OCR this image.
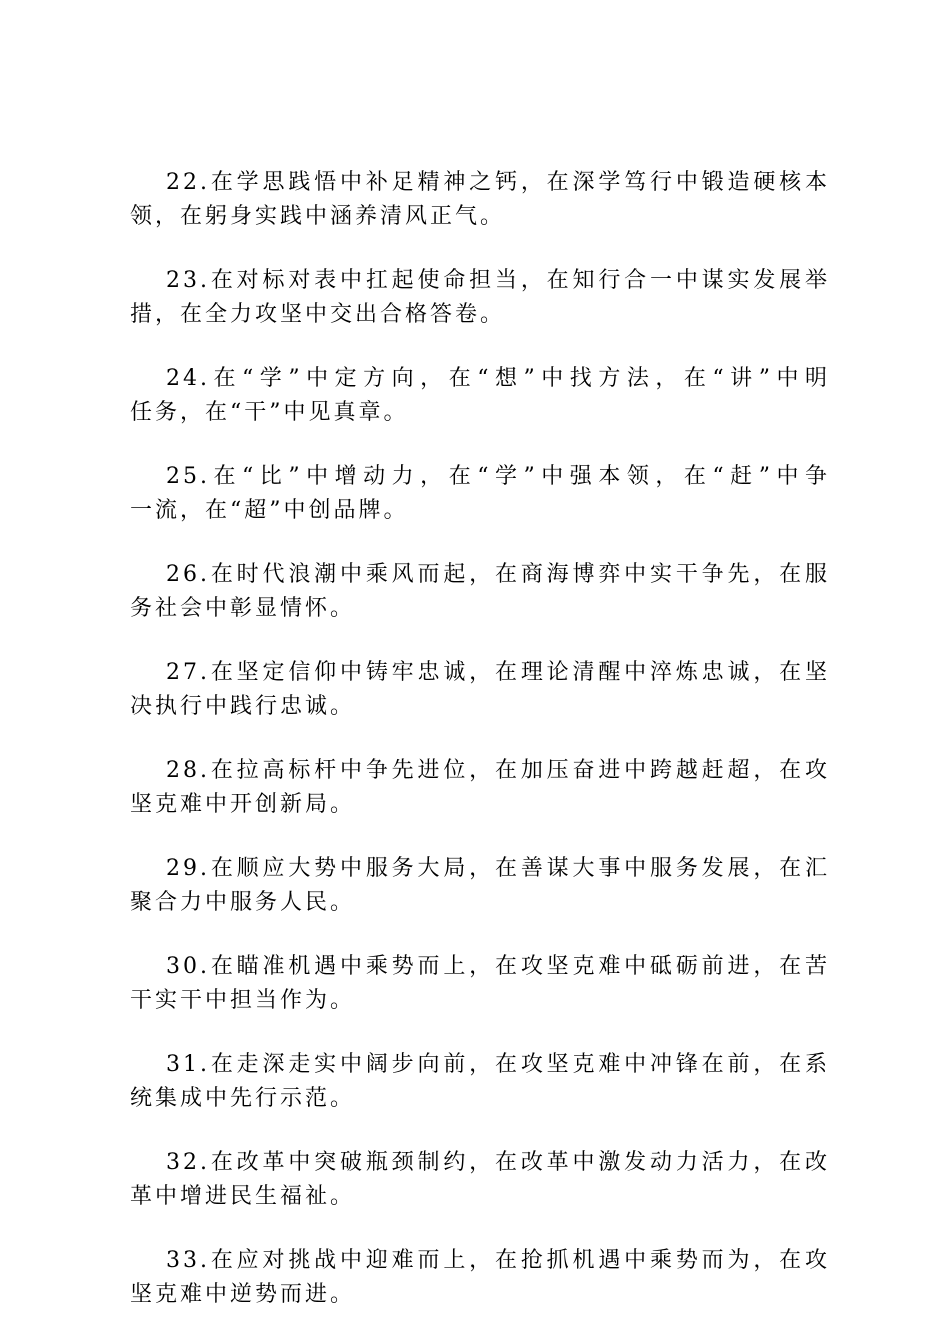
22.在学思践悟中补足精神之钙，在深学笃行中锻造硬核本
领，在躬身实践中涵养清风正气。
23.在对标对表中扛起使命担当，在知行合一中谋实发展举
措，在全力攻坚中交出合格答卷。
24.在“学”中定方向，在“想”中找方法，在“讲”中明
任务，在“干”中见真章。
25.在“比”中增动力，在“学”中强本领，在“赶”中争
一流，在“超”中创品牌。
26.在时代浪潮中乘风而起，在商海博弈中实干争先，在服
务社会中彰显情怀。
27.在坚定信仰中铸牢忠诚，在理论清醒中淬炼忠诚，在坚
决执行中践行忠诚。
28.在拉高标杆中争先进位，在加压奋进中跨越赶超，在攻
坚克难中开创新局。
29.在顺应大势中服务大局，在善谋大事中服务发展，在汇
聚合力中服务人民。
30.在瞄准机遇中乘势而上，在攻坚克难中砥砺前进，在苦
干实干中担当作为。
31.在走深走实中阔步向前，在攻坚克难中冲锋在前，在系
统集成中先行示范。
32.在改革中突破瓶颈制约，在改革中激发动力活力，在改
革中增进民生福祉。
33.在应对挑战中迎难而上，在抢抓机遇中乘势而为，在攻
坚克难中逆势而进。
